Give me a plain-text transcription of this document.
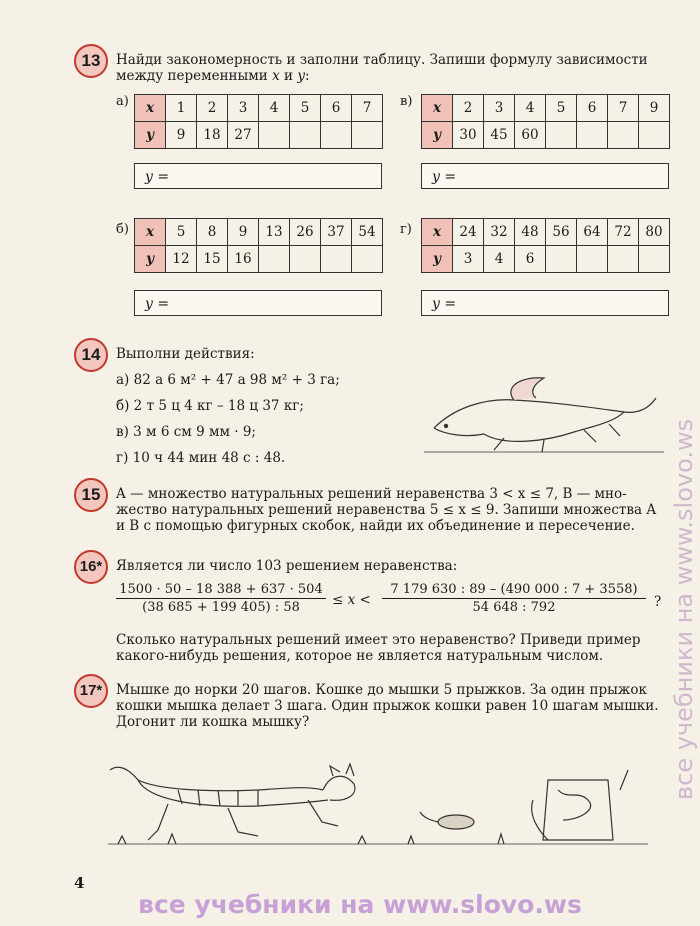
все учебники на www.slovo.ws
13	Найди закономерность и заполни таблицу. Запиши формулу зависимости
между переменными x и y:
а) x	1	2	3	4	5	6	7
y	9	18	27				
y =
в) x	2	3	4	5	6	7	9
y	30	45	60				
y =
б) x	5	8	9	13	26	37	54
y	12	15	16				
y =
г) x	24	32	48	56	64	72	80
y	3	4	6				
y =
14	Выполни действия:
а) 82 а 6 м² + 47 а 98 м² + 3 га;
б) 2 т 5 ц 4 кг – 18 ц 37 кг;
в) 3 м 6 см 9 мм · 9;
г) 10 ч 44 мин 48 с : 48.
15	A — множество натуральных решений неравенства 3 < x ≤ 7, B — мно-
жество натуральных решений неравенства 5 ≤ x ≤ 9. Запиши множества A
и B с помощью фигурных скобок, найди их объединение и пересечение.
16*	Является ли число 103 решением неравенства:
$\frac{1500 \cdot 50 - 18 388 + 637 \cdot 504}{(38 685 + 199 405) : 58} \le x < \frac{7 179 630 : 89 - (490 000 : 7 + 3558)}{54 648 : 792}$ ?
Сколько натуральных решений имеет это неравенство? Приведи пример
какого-нибудь решения, которое не является натуральным числом.
17*	Мышке до норки 20 шагов. Кошке до мышки 5 прыжков. За один прыжок
кошки мышка делает 3 шага. Один прыжок кошки равен 10 шагам мышки.
Догонит ли кошка мышку?
4
все учебники на www.slovo.ws
